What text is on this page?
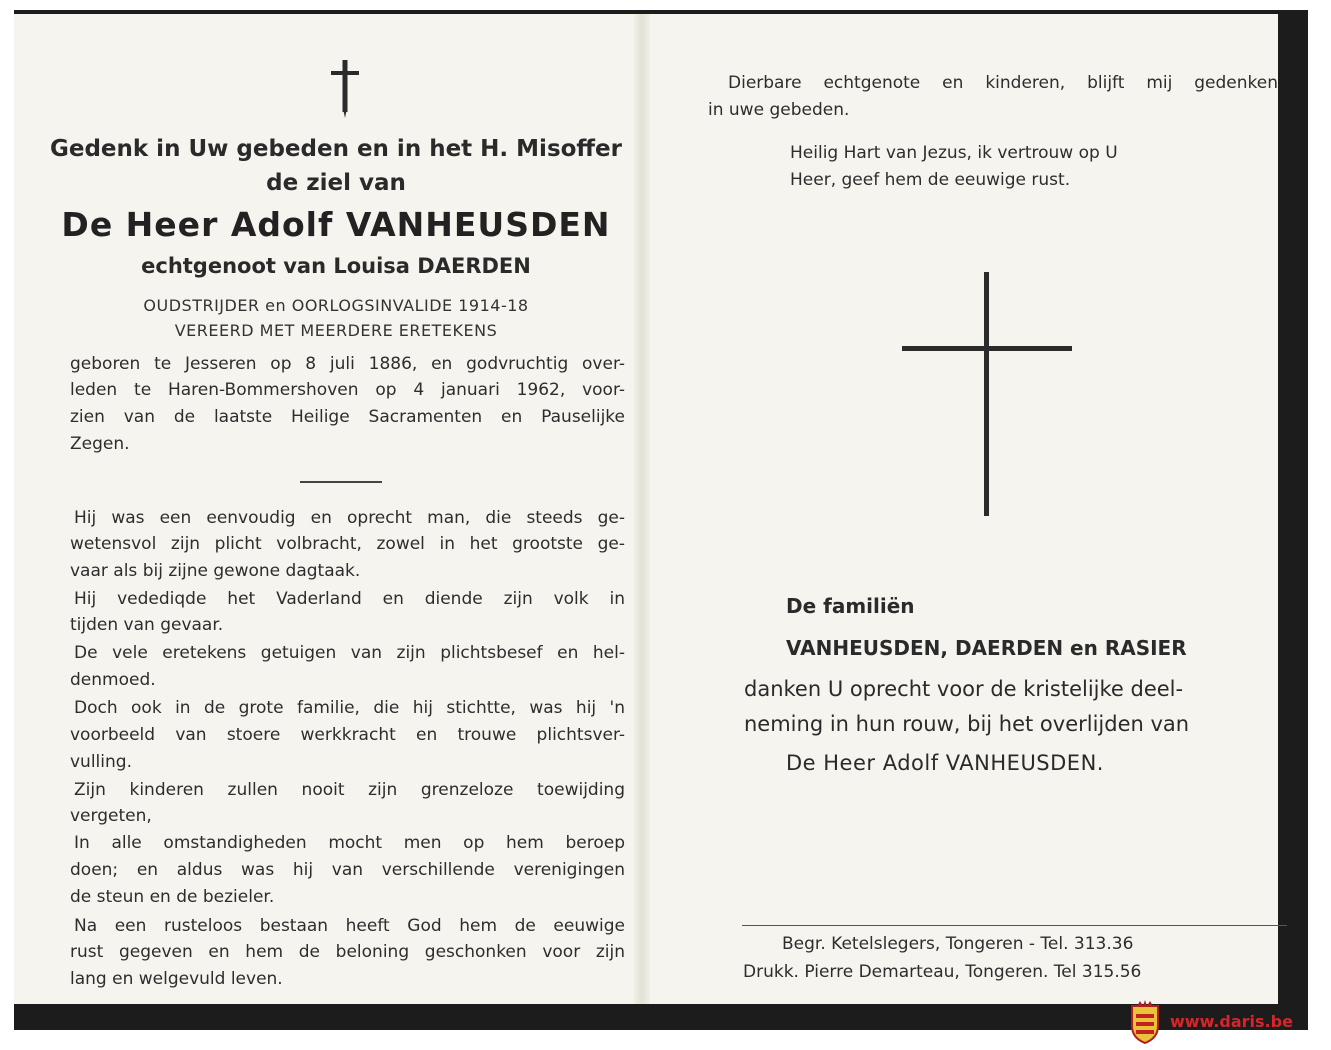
Gedenk in Uw gebeden en in het H. Misoffer

de ziel van

De Heer Adolf VANHEUSDEN

echtgenoot van Louisa DAERDEN

OUDSTRIJDER en OORLOGSINVALIDE 1914-18

VEREERD MET MEERDERE ERETEKENS

geboren te Jesseren op 8 juli 1886, en godvruchtig over-

leden te Haren-Bommershoven op 4 januari 1962, voor-

zien van de laatste Heilige Sacramenten en Pauselijke

Zegen.

Hij was een eenvoudig en oprecht man, die steeds ge-

wetensvol zijn plicht volbracht, zowel in het grootste ge-

vaar als bij zijne gewone dagtaak.

Hij vedediqde het Vaderland en diende zijn volk in

tijden van gevaar.

De vele eretekens getuigen van zijn plichtsbesef en hel-

denmoed.

Doch ook in de grote familie, die hij stichtte, was hij 'n

voorbeeld van stoere werkkracht en trouwe plichtsver-

vulling.

Zijn kinderen zullen nooit zijn grenzeloze toewijding

vergeten,

In alle omstandigheden mocht men op hem beroep

doen; en aldus was hij van verschillende verenigingen

de steun en de bezieler.

Na een rusteloos bestaan heeft God hem de eeuwige

rust gegeven en hem de beloning geschonken voor zijn

lang en welgevuld leven.

Dierbare echtgenote en kinderen, blijft mij gedenken

in uwe gebeden.

Heilig Hart van Jezus, ik vertrouw op U

Heer, geef hem de eeuwige rust.

De familiën

VANHEUSDEN, DAERDEN en RASIER

danken U oprecht voor de kristelijke deel-

neming in hun rouw, bij het overlijden van

De Heer Adolf VANHEUSDEN.

Begr. Ketelslegers, Tongeren - Tel. 313.36

Drukk. Pierre Demarteau, Tongeren. Tel 315.56

www.daris.be
